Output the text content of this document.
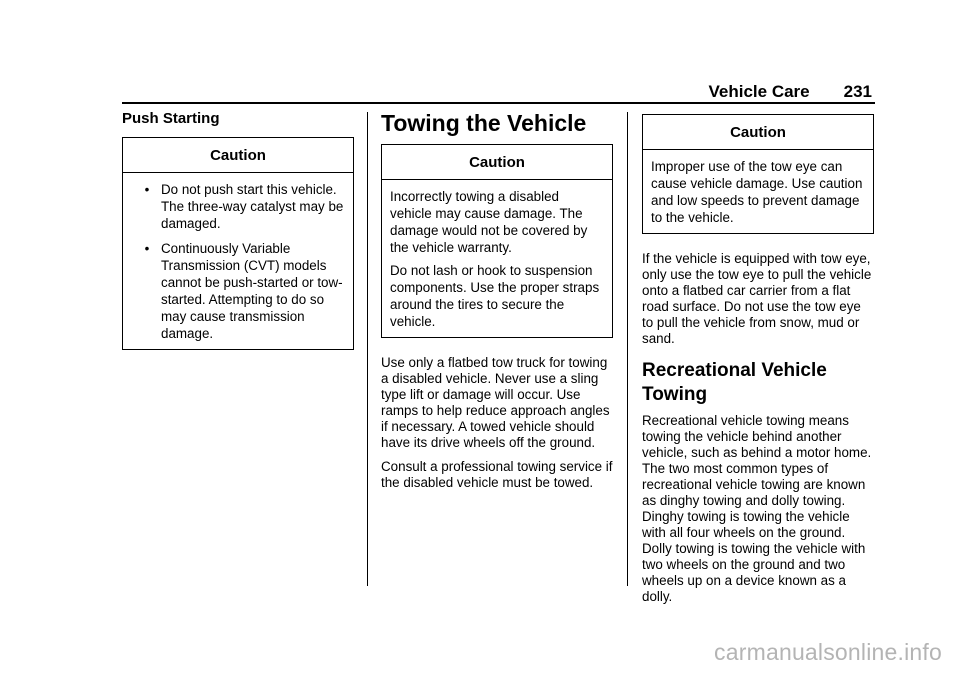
Vehicle Care 231
Push Starting
Caution
• Do not push start this vehicle. The three-way catalyst may be damaged.
• Continuously Variable Transmission (CVT) models cannot be push-started or tow-started. Attempting to do so may cause transmission damage.
Towing the Vehicle
Caution

Incorrectly towing a disabled vehicle may cause damage. The damage would not be covered by the vehicle warranty.

Do not lash or hook to suspension components. Use the proper straps around the tires to secure the vehicle.

Use only a flatbed tow truck for towing a disabled vehicle. Never use a sling type lift or damage will occur. Use ramps to help reduce approach angles if necessary. A towed vehicle should have its drive wheels off the ground.

Consult a professional towing service if the disabled vehicle must be towed.

Caution

Improper use of the tow eye can cause vehicle damage. Use caution and low speeds to prevent damage to the vehicle.

If the vehicle is equipped with tow eye, only use the tow eye to pull the vehicle onto a flatbed car carrier from a flat road surface. Do not use the tow eye to pull the vehicle from snow, mud or sand.

Recreational Vehicle Towing

Recreational vehicle towing means towing the vehicle behind another vehicle, such as behind a motor home. The two most common types of recreational vehicle towing are known as dinghy towing and dolly towing. Dinghy towing is towing the vehicle with all four wheels on the ground. Dolly towing is towing the vehicle with two wheels on the ground and two wheels up on a device known as a dolly.

carmanualsonline.info
